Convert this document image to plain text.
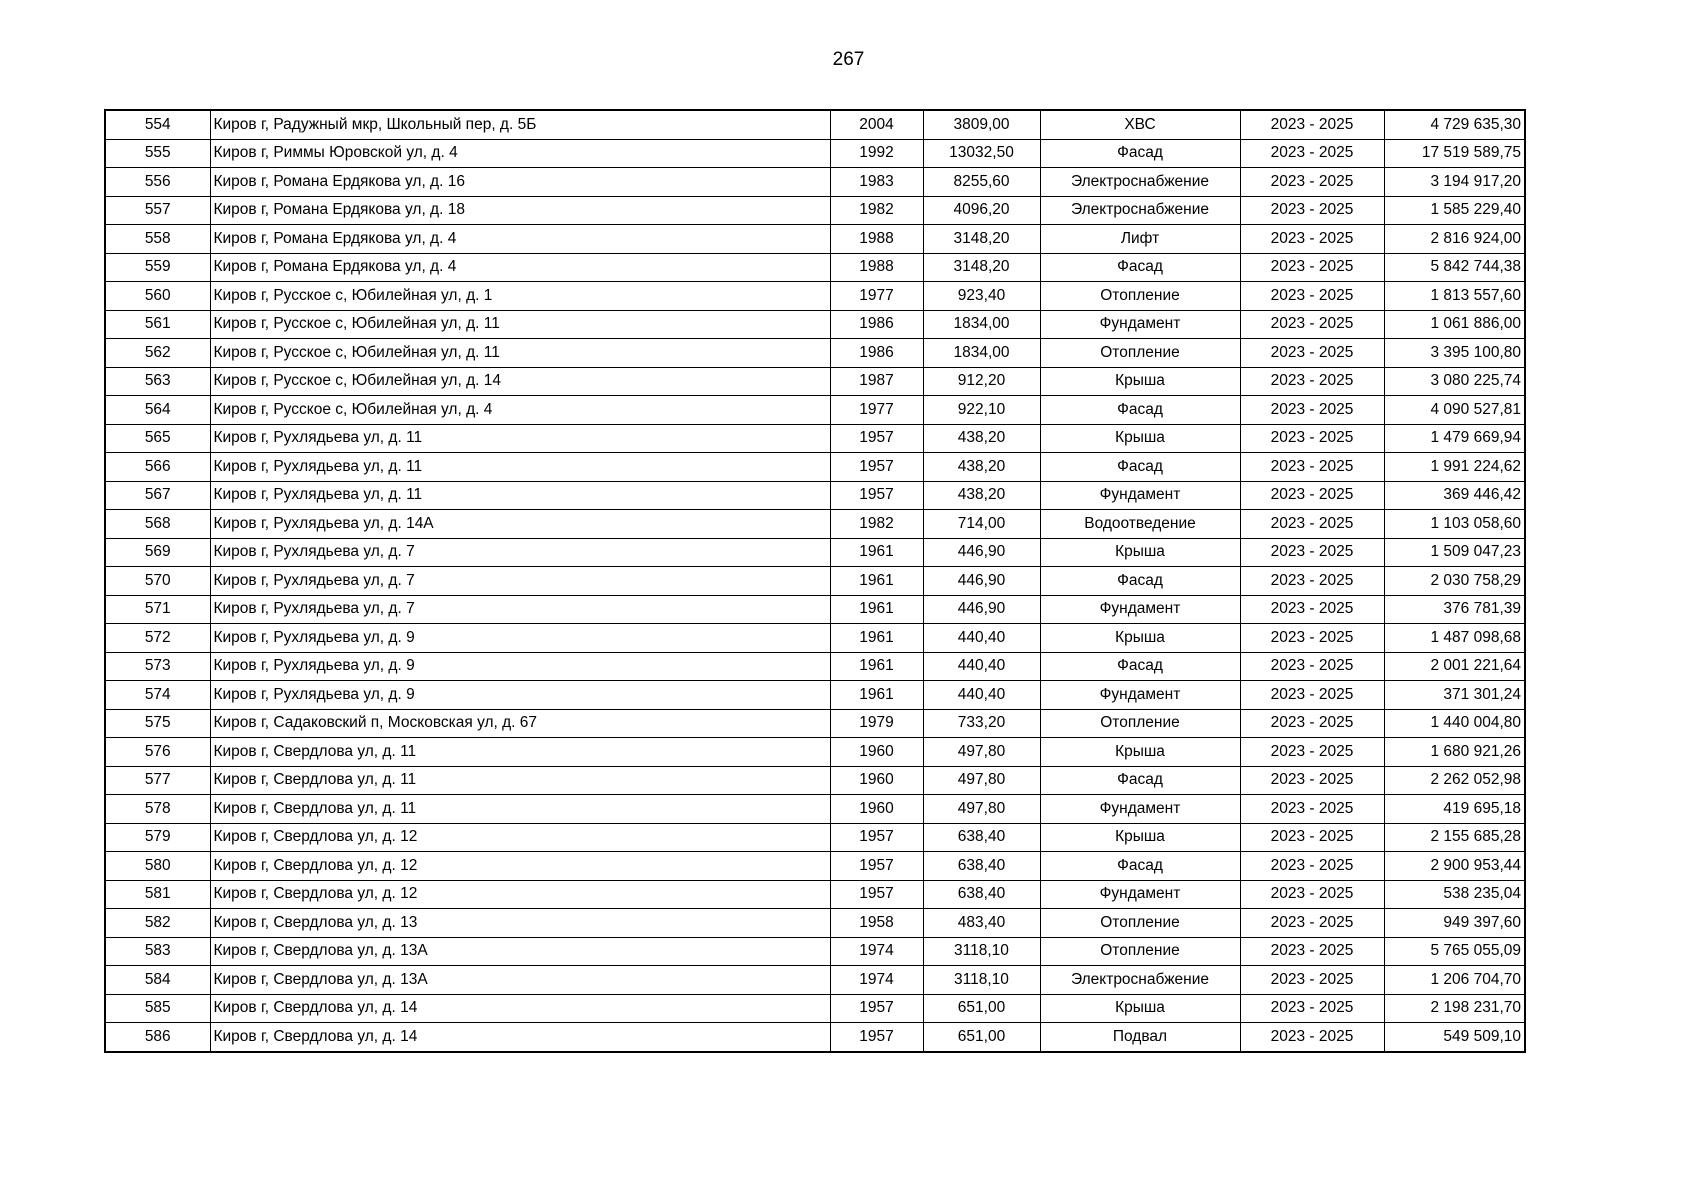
267
554	Киров г, Радужный мкр, Школьный пер, д. 5Б	2004	3809,00	ХВС	2023 - 2025	4 729 635,30
555	Киров г, Риммы Юровской ул, д. 4	1992	13032,50	Фасад	2023 - 2025	17 519 589,75
556	Киров г, Романа Ердякова ул, д. 16	1983	8255,60	Электроснабжение	2023 - 2025	3 194 917,20
557	Киров г, Романа Ердякова ул, д. 18	1982	4096,20	Электроснабжение	2023 - 2025	1 585 229,40
558	Киров г, Романа Ердякова ул, д. 4	1988	3148,20	Лифт	2023 - 2025	2 816 924,00
559	Киров г, Романа Ердякова ул, д. 4	1988	3148,20	Фасад	2023 - 2025	5 842 744,38
560	Киров г, Русское с, Юбилейная ул, д. 1	1977	923,40	Отопление	2023 - 2025	1 813 557,60
561	Киров г, Русское с, Юбилейная ул, д. 11	1986	1834,00	Фундамент	2023 - 2025	1 061 886,00
562	Киров г, Русское с, Юбилейная ул, д. 11	1986	1834,00	Отопление	2023 - 2025	3 395 100,80
563	Киров г, Русское с, Юбилейная ул, д. 14	1987	912,20	Крыша	2023 - 2025	3 080 225,74
564	Киров г, Русское с, Юбилейная ул, д. 4	1977	922,10	Фасад	2023 - 2025	4 090 527,81
565	Киров г, Рухлядьева ул, д. 11	1957	438,20	Крыша	2023 - 2025	1 479 669,94
566	Киров г, Рухлядьева ул, д. 11	1957	438,20	Фасад	2023 - 2025	1 991 224,62
567	Киров г, Рухлядьева ул, д. 11	1957	438,20	Фундамент	2023 - 2025	369 446,42
568	Киров г, Рухлядьева ул, д. 14А	1982	714,00	Водоотведение	2023 - 2025	1 103 058,60
569	Киров г, Рухлядьева ул, д. 7	1961	446,90	Крыша	2023 - 2025	1 509 047,23
570	Киров г, Рухлядьева ул, д. 7	1961	446,90	Фасад	2023 - 2025	2 030 758,29
571	Киров г, Рухлядьева ул, д. 7	1961	446,90	Фундамент	2023 - 2025	376 781,39
572	Киров г, Рухлядьева ул, д. 9	1961	440,40	Крыша	2023 - 2025	1 487 098,68
573	Киров г, Рухлядьева ул, д. 9	1961	440,40	Фасад	2023 - 2025	2 001 221,64
574	Киров г, Рухлядьева ул, д. 9	1961	440,40	Фундамент	2023 - 2025	371 301,24
575	Киров г, Садаковский п, Московская ул, д. 67	1979	733,20	Отопление	2023 - 2025	1 440 004,80
576	Киров г, Свердлова ул, д. 11	1960	497,80	Крыша	2023 - 2025	1 680 921,26
577	Киров г, Свердлова ул, д. 11	1960	497,80	Фасад	2023 - 2025	2 262 052,98
578	Киров г, Свердлова ул, д. 11	1960	497,80	Фундамент	2023 - 2025	419 695,18
579	Киров г, Свердлова ул, д. 12	1957	638,40	Крыша	2023 - 2025	2 155 685,28
580	Киров г, Свердлова ул, д. 12	1957	638,40	Фасад	2023 - 2025	2 900 953,44
581	Киров г, Свердлова ул, д. 12	1957	638,40	Фундамент	2023 - 2025	538 235,04
582	Киров г, Свердлова ул, д. 13	1958	483,40	Отопление	2023 - 2025	949 397,60
583	Киров г, Свердлова ул, д. 13А	1974	3118,10	Отопление	2023 - 2025	5 765 055,09
584	Киров г, Свердлова ул, д. 13А	1974	3118,10	Электроснабжение	2023 - 2025	1 206 704,70
585	Киров г, Свердлова ул, д. 14	1957	651,00	Крыша	2023 - 2025	2 198 231,70
586	Киров г, Свердлова ул, д. 14	1957	651,00	Подвал	2023 - 2025	549 509,10
